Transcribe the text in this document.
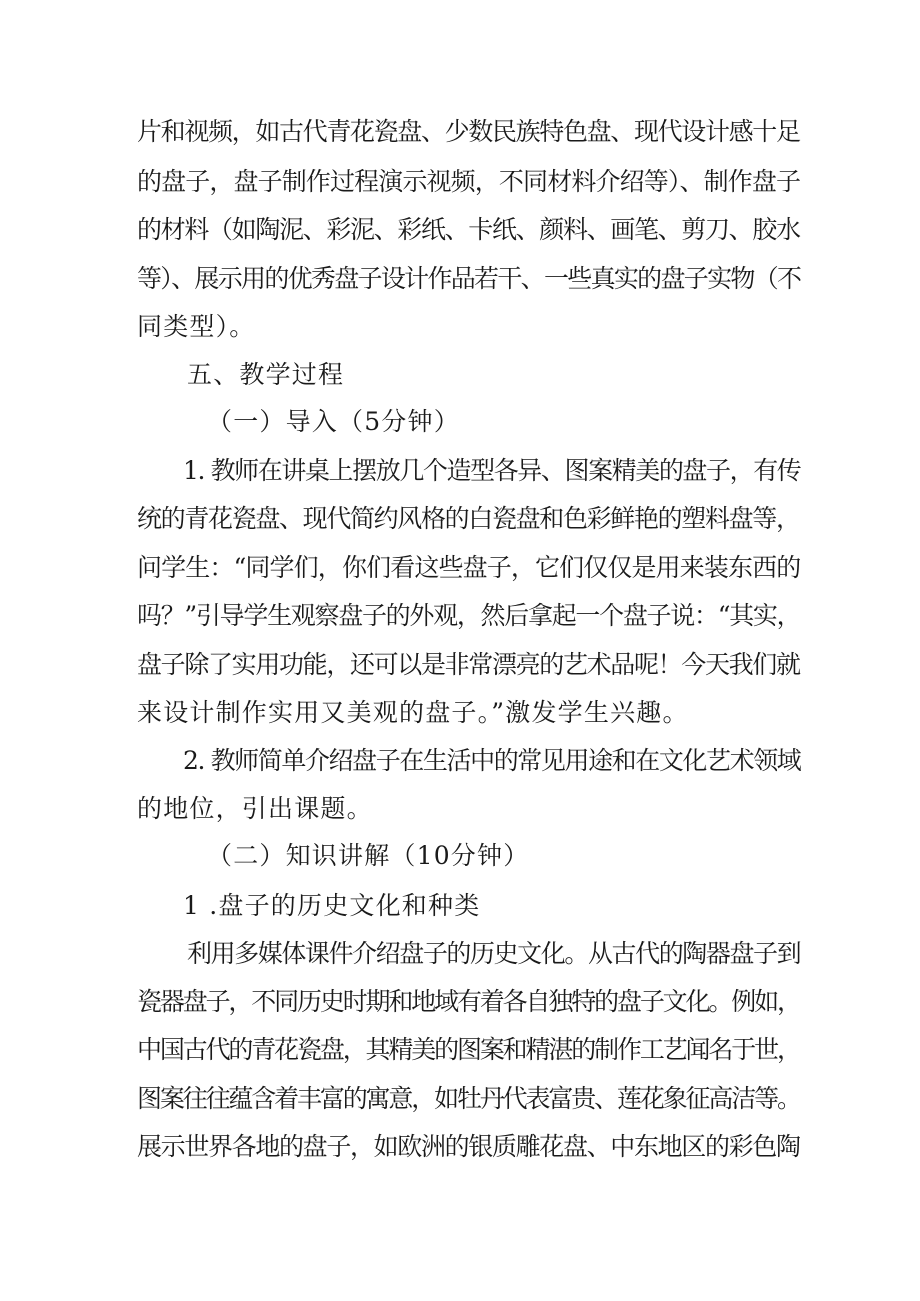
片和视频，如古代青花瓷盘、少数民族特色盘、现代设计感十足
的盘子，盘子制作过程演示视频，不同材料介绍等）、制作盘子
的材料（如陶泥、彩泥、彩纸、卡纸、颜料、画笔、剪刀、胶水
等）、展示用的优秀盘子设计作品若干、一些真实的盘子实物（不
同类型）。
五、教学过程
（一）导入（5分钟）
1. 教师在讲桌上摆放几个造型各异、图案精美的盘子，有传
统的青花瓷盘、现代简约风格的白瓷盘和色彩鲜艳的塑料盘等，
问学生：“同学们，你们看这些盘子，它们仅仅是用来装东西的
吗？”引导学生观察盘子的外观，然后拿起一个盘子说：“其实，
盘子除了实用功能，还可以是非常漂亮的艺术品呢！今天我们就
来设计制作实用又美观的盘子。”激发学生兴趣。
2. 教师简单介绍盘子在生活中的常见用途和在文化艺术领域
的地位，引出课题。
（二）知识讲解（10分钟）
1 .盘子的历史文化和种类
利用多媒体课件介绍盘子的历史文化。从古代的陶器盘子到
瓷器盘子，不同历史时期和地域有着各自独特的盘子文化。例如，
中国古代的青花瓷盘，其精美的图案和精湛的制作工艺闻名于世，
图案往往蕴含着丰富的寓意，如牡丹代表富贵、莲花象征高洁等。
展示世界各地的盘子，如欧洲的银质雕花盘、中东地区的彩色陶
